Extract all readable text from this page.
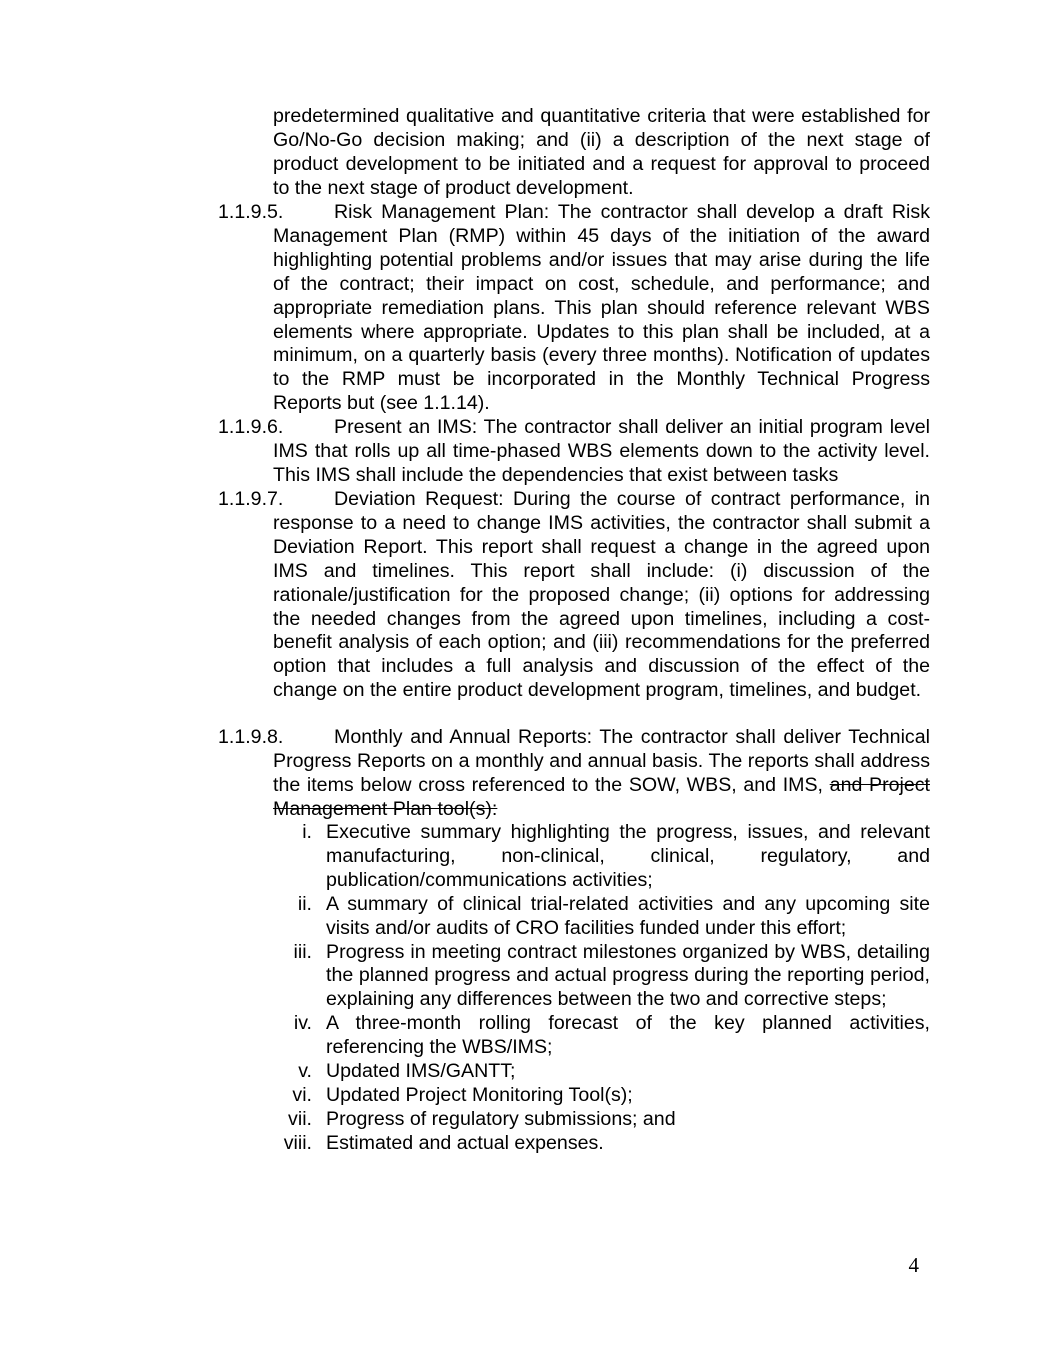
predetermined qualitative and quantitative criteria that were established for Go/No-Go decision making; and (ii) a description of the next stage of product development to be initiated and a request for approval to proceed to the next stage of product development.

1.1.9.5.	Risk Management Plan: The contractor shall develop a draft Risk Management Plan (RMP) within 45 days of the initiation of the award highlighting potential problems and/or issues that may arise during the life of the contract; their impact on cost, schedule, and performance; and appropriate remediation plans. This plan should reference relevant WBS elements where appropriate. Updates to this plan shall be included, at a minimum, on a quarterly basis (every three months). Notification of updates to the RMP must be incorporated in the Monthly Technical Progress Reports but (see 1.1.14).
1.1.9.6.	Present an IMS: The contractor shall deliver an initial program level IMS that rolls up all time-phased WBS elements down to the activity level. This IMS shall include the dependencies that exist between tasks
1.1.9.7.	Deviation Request: During the course of contract performance, in response to a need to change IMS activities, the contractor shall submit a Deviation Report. This report shall request a change in the agreed upon IMS and timelines. This report shall include: (i) discussion of the rationale/justification for the proposed change; (ii) options for addressing the needed changes from the agreed upon timelines, including a cost-benefit analysis of each option; and (iii) recommendations for the preferred option that includes a full analysis and discussion of the effect of the change on the entire product development program, timelines, and budget.
1.1.9.8.	Monthly and Annual Reports: The contractor shall deliver Technical Progress Reports on a monthly and annual basis. The reports shall address the items below cross referenced to the SOW, WBS, and IMS, and Project Management Plan tool(s):
i. Executive summary highlighting the progress, issues, and relevant manufacturing, non-clinical, clinical, regulatory, and publication/communications activities;
ii. A summary of clinical trial-related activities and any upcoming site visits and/or audits of CRO facilities funded under this effort;
iii. Progress in meeting contract milestones organized by WBS, detailing the planned progress and actual progress during the reporting period, explaining any differences between the two and corrective steps;
iv. A three-month rolling forecast of the key planned activities, referencing the WBS/IMS;
v. Updated IMS/GANTT;
vi. Updated Project Monitoring Tool(s);
vii. Progress of regulatory submissions; and
viii. Estimated and actual expenses.
4
